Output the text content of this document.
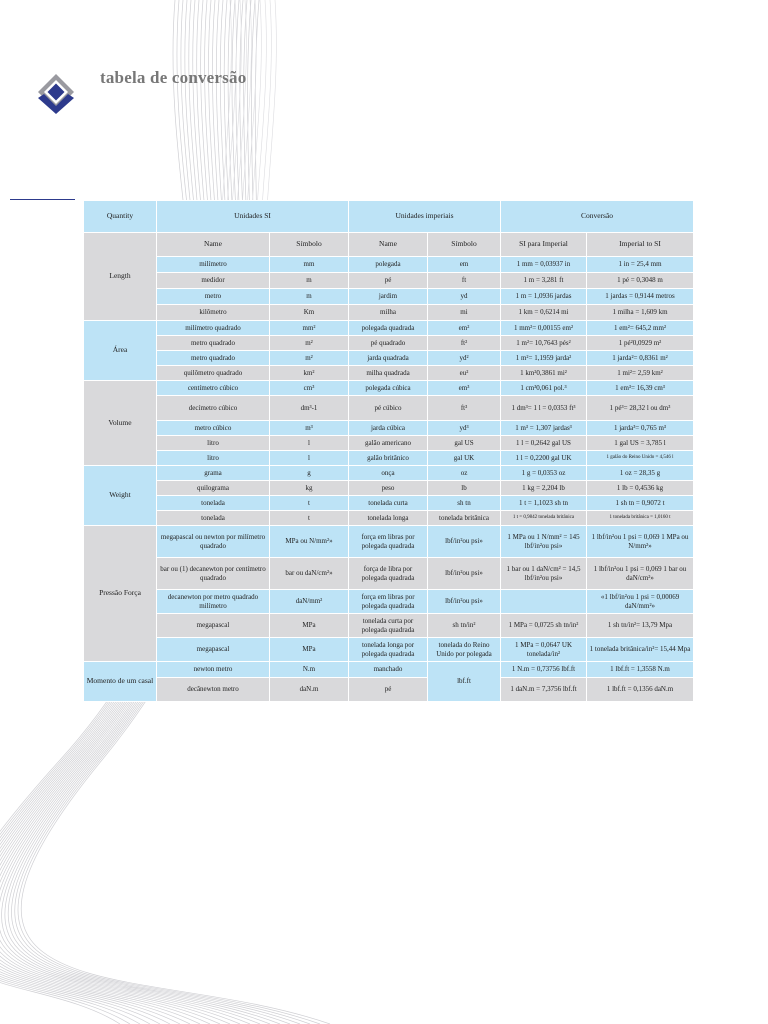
tabela de conversão
Quantity	Unidades SI		Unidades imperiais		Conversão	
Length	Name	Símbolo	Name	Símbolo	SI para Imperial	Imperial to SI
	milímetro	mm	polegada	em	1 mm = 0,03937 in	1 in = 25,4 mm
	medidor	m	pé	ft	1 m = 3,281 ft	1 pé = 0,3048 m
	metro	m	jardim	yd	1 m = 1,0936 jardas	1 jardas = 0,9144 metros
	kilômetro	Km	milha	mi	1 km = 0,6214 mi	1 milha = 1,609 km
Área	milímetro quadrado	mm²	polegada quadrada	em²	1 mm²= 0,00155 em²	1 em²= 645,2 mm²
	metro quadrado	m²	pé quadrado	ft²	1 m²= 10,7643 pés²	1 pé²0,0929 m²
	metro quadrado	m²	jarda quadrada	yd²	1 m²= 1,1959 jarda²	1 jarda²= 0,8361 m²
	quilômetro quadrado	km²	milha quadrada	eu²	1 km²0,3861 mi²	1 mi²= 2,59 km²
Volume	centímetro cúbico	cm³	polegada cúbica	em³	1 cm³0,061 pol.³	1 em³= 16,39 cm³
	decímetro cúbico	dm³-1	pé cúbico	ft³	1 dm³= 1 l = 0,0353 ft³	1 pé³= 28,32 l ou dm³
	metro cúbico	m³	jarda cúbica	yd³	1 m³ = 1,307 jardas³	1 jarda³= 0,765 m³
	litro	l	galão americano	gal US	1 l = 0,2642 gal US	1 gal US = 3,785 l
	litro	l	galão britânico	gal UK	1 l = 0,2200 gal UK	1 galão do Reino Unido = 4,546 l
Weight	grama	g	onça	oz	1 g = 0,0353 oz	1 oz = 28,35 g
	quilograma	kg	peso	lb	1 kg = 2,204 lb	1 lb = 0,4536 kg
	tonelada	t	tonelada curta	sh tn	1 t = 1,1023 sh tn	1 sh tn = 0,9072 t
	tonelada	t	tonelada longa	tonelada britânica	1 t = 0,9842 tonelada britânica	1 tonelada britânica = 1,0160 t
Pressão Força	megapascal ou newton por milímetro quadrado	MPa ou N/mm²»	força em libras por polegada quadrada	lbf/in²ou psi»	1 MPa ou 1 N/mm² = 145 lbf/in²ou psi»	1 lbf/in²ou 1 psi = 0,069 1 MPa ou N/mm²»
	bar ou (1) decanewton por centímetro quadrado	bar ou daN/cm²»	força de libra por polegada quadrada	lbf/in²ou psi»	1 bar ou 1 daN/cm² = 14,5 lbf/in²ou psi»	1 lbf/in²ou 1 psi = 0,069 1 bar ou daN/cm²»
	decanewton por metro quadrado milímetro	daN/mm²	força em libras por polegada quadrada	lbf/in²ou psi»		«1 lbf/in²ou 1 psi = 0,00069 daN/mm²»
	megapascal	MPa	tonelada curta por polegada quadrada	sh tn/in²	1 MPa = 0,0725 sh tn/in²	1 sh tn/in²= 13,79 Mpa
	megapascal	MPa	tonelada longa por polegada quadrada	tonelada do Reino Unido por polegada	1 MPa = 0,0647 UK tonelada/in²	1 tonelada britânica/in²= 15,44 Mpa
Momento de um casal	newton metro	N.m	manchado	lbf.ft	1 N.m = 0,73756 lbf.ft	1 lbf.ft = 1,3558 N.m
	decânewton metro	daN.m	pé		1 daN.m = 7,3756 lbf.ft	1 lbf.ft = 0,1356 daN.m
